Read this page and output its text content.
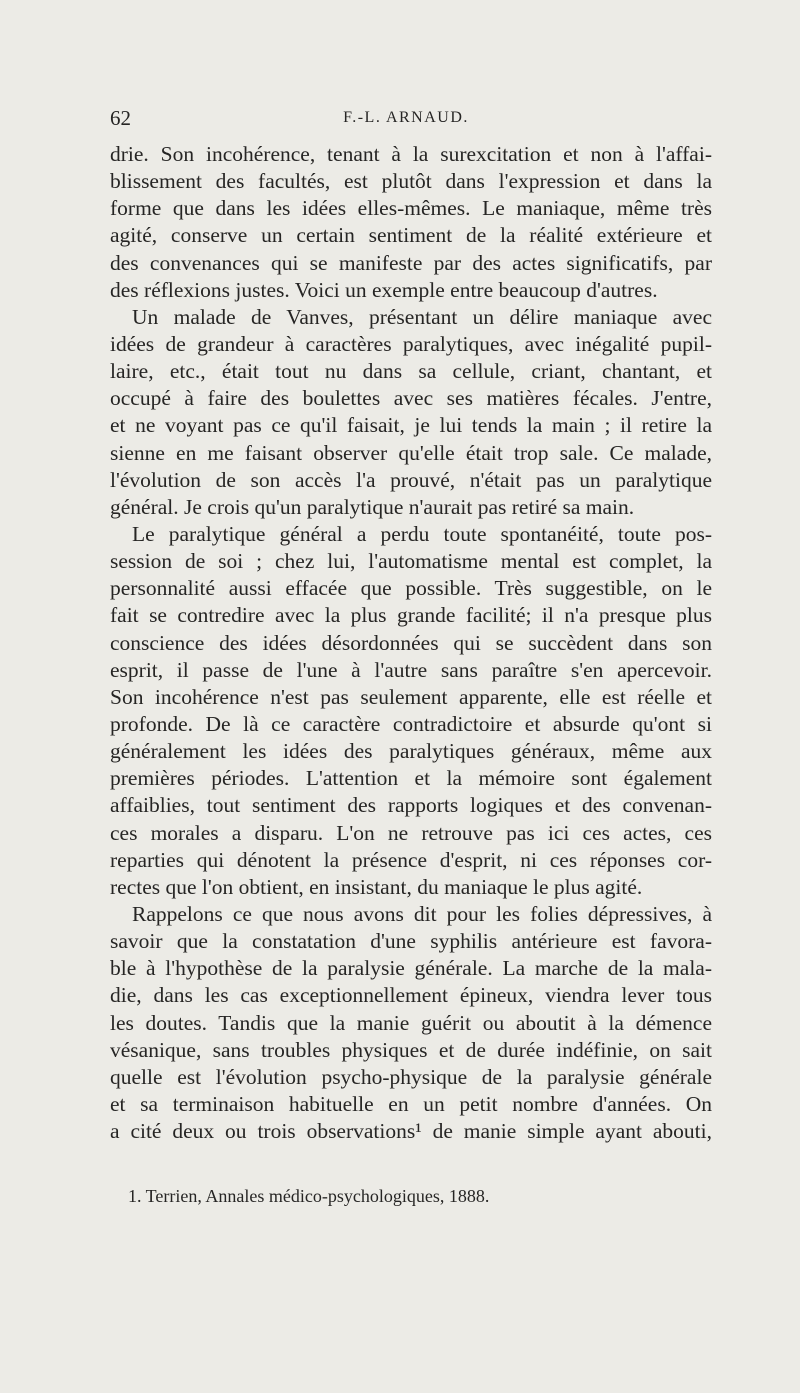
62	F.-L. ARNAUD.
drie. Son incohérence, tenant à la surexcitation et non à l'affai-
blissement des facultés, est plutôt dans l'expression et dans la
forme que dans les idées elles-mêmes. Le maniaque, même très
agité, conserve un certain sentiment de la réalité extérieure et
des convenances qui se manifeste par des actes significatifs, par
des réflexions justes. Voici un exemple entre beaucoup d'autres.
Un malade de Vanves, présentant un délire maniaque avec
idées de grandeur à caractères paralytiques, avec inégalité pupil-
laire, etc., était tout nu dans sa cellule, criant, chantant, et
occupé à faire des boulettes avec ses matières fécales. J'entre,
et ne voyant pas ce qu'il faisait, je lui tends la main ; il retire la
sienne en me faisant observer qu'elle était trop sale. Ce malade,
l'évolution de son accès l'a prouvé, n'était pas un paralytique
général. Je crois qu'un paralytique n'aurait pas retiré sa main.
Le paralytique général a perdu toute spontanéité, toute pos-
session de soi ; chez lui, l'automatisme mental est complet, la
personnalité aussi effacée que possible. Très suggestible, on le
fait se contredire avec la plus grande facilité; il n'a presque plus
conscience des idées désordonnées qui se succèdent dans son
esprit, il passe de l'une à l'autre sans paraître s'en apercevoir.
Son incohérence n'est pas seulement apparente, elle est réelle et
profonde. De là ce caractère contradictoire et absurde qu'ont si
généralement les idées des paralytiques généraux, même aux
premières périodes. L'attention et la mémoire sont également
affaiblies, tout sentiment des rapports logiques et des convenan-
ces morales a disparu. L'on ne retrouve pas ici ces actes, ces
reparties qui dénotent la présence d'esprit, ni ces réponses cor-
rectes que l'on obtient, en insistant, du maniaque le plus agité.
Rappelons ce que nous avons dit pour les folies dépressives, à
savoir que la constatation d'une syphilis antérieure est favora-
ble à l'hypothèse de la paralysie générale. La marche de la mala-
die, dans les cas exceptionnellement épineux, viendra lever tous
les doutes. Tandis que la manie guérit ou aboutit à la démence
vésanique, sans troubles physiques et de durée indéfinie, on sait
quelle est l'évolution psycho-physique de la paralysie générale
et sa terminaison habituelle en un petit nombre d'années. On
a cité deux ou trois observations¹ de manie simple ayant abouti,
1. Terrien, Annales médico-psychologiques, 1888.
